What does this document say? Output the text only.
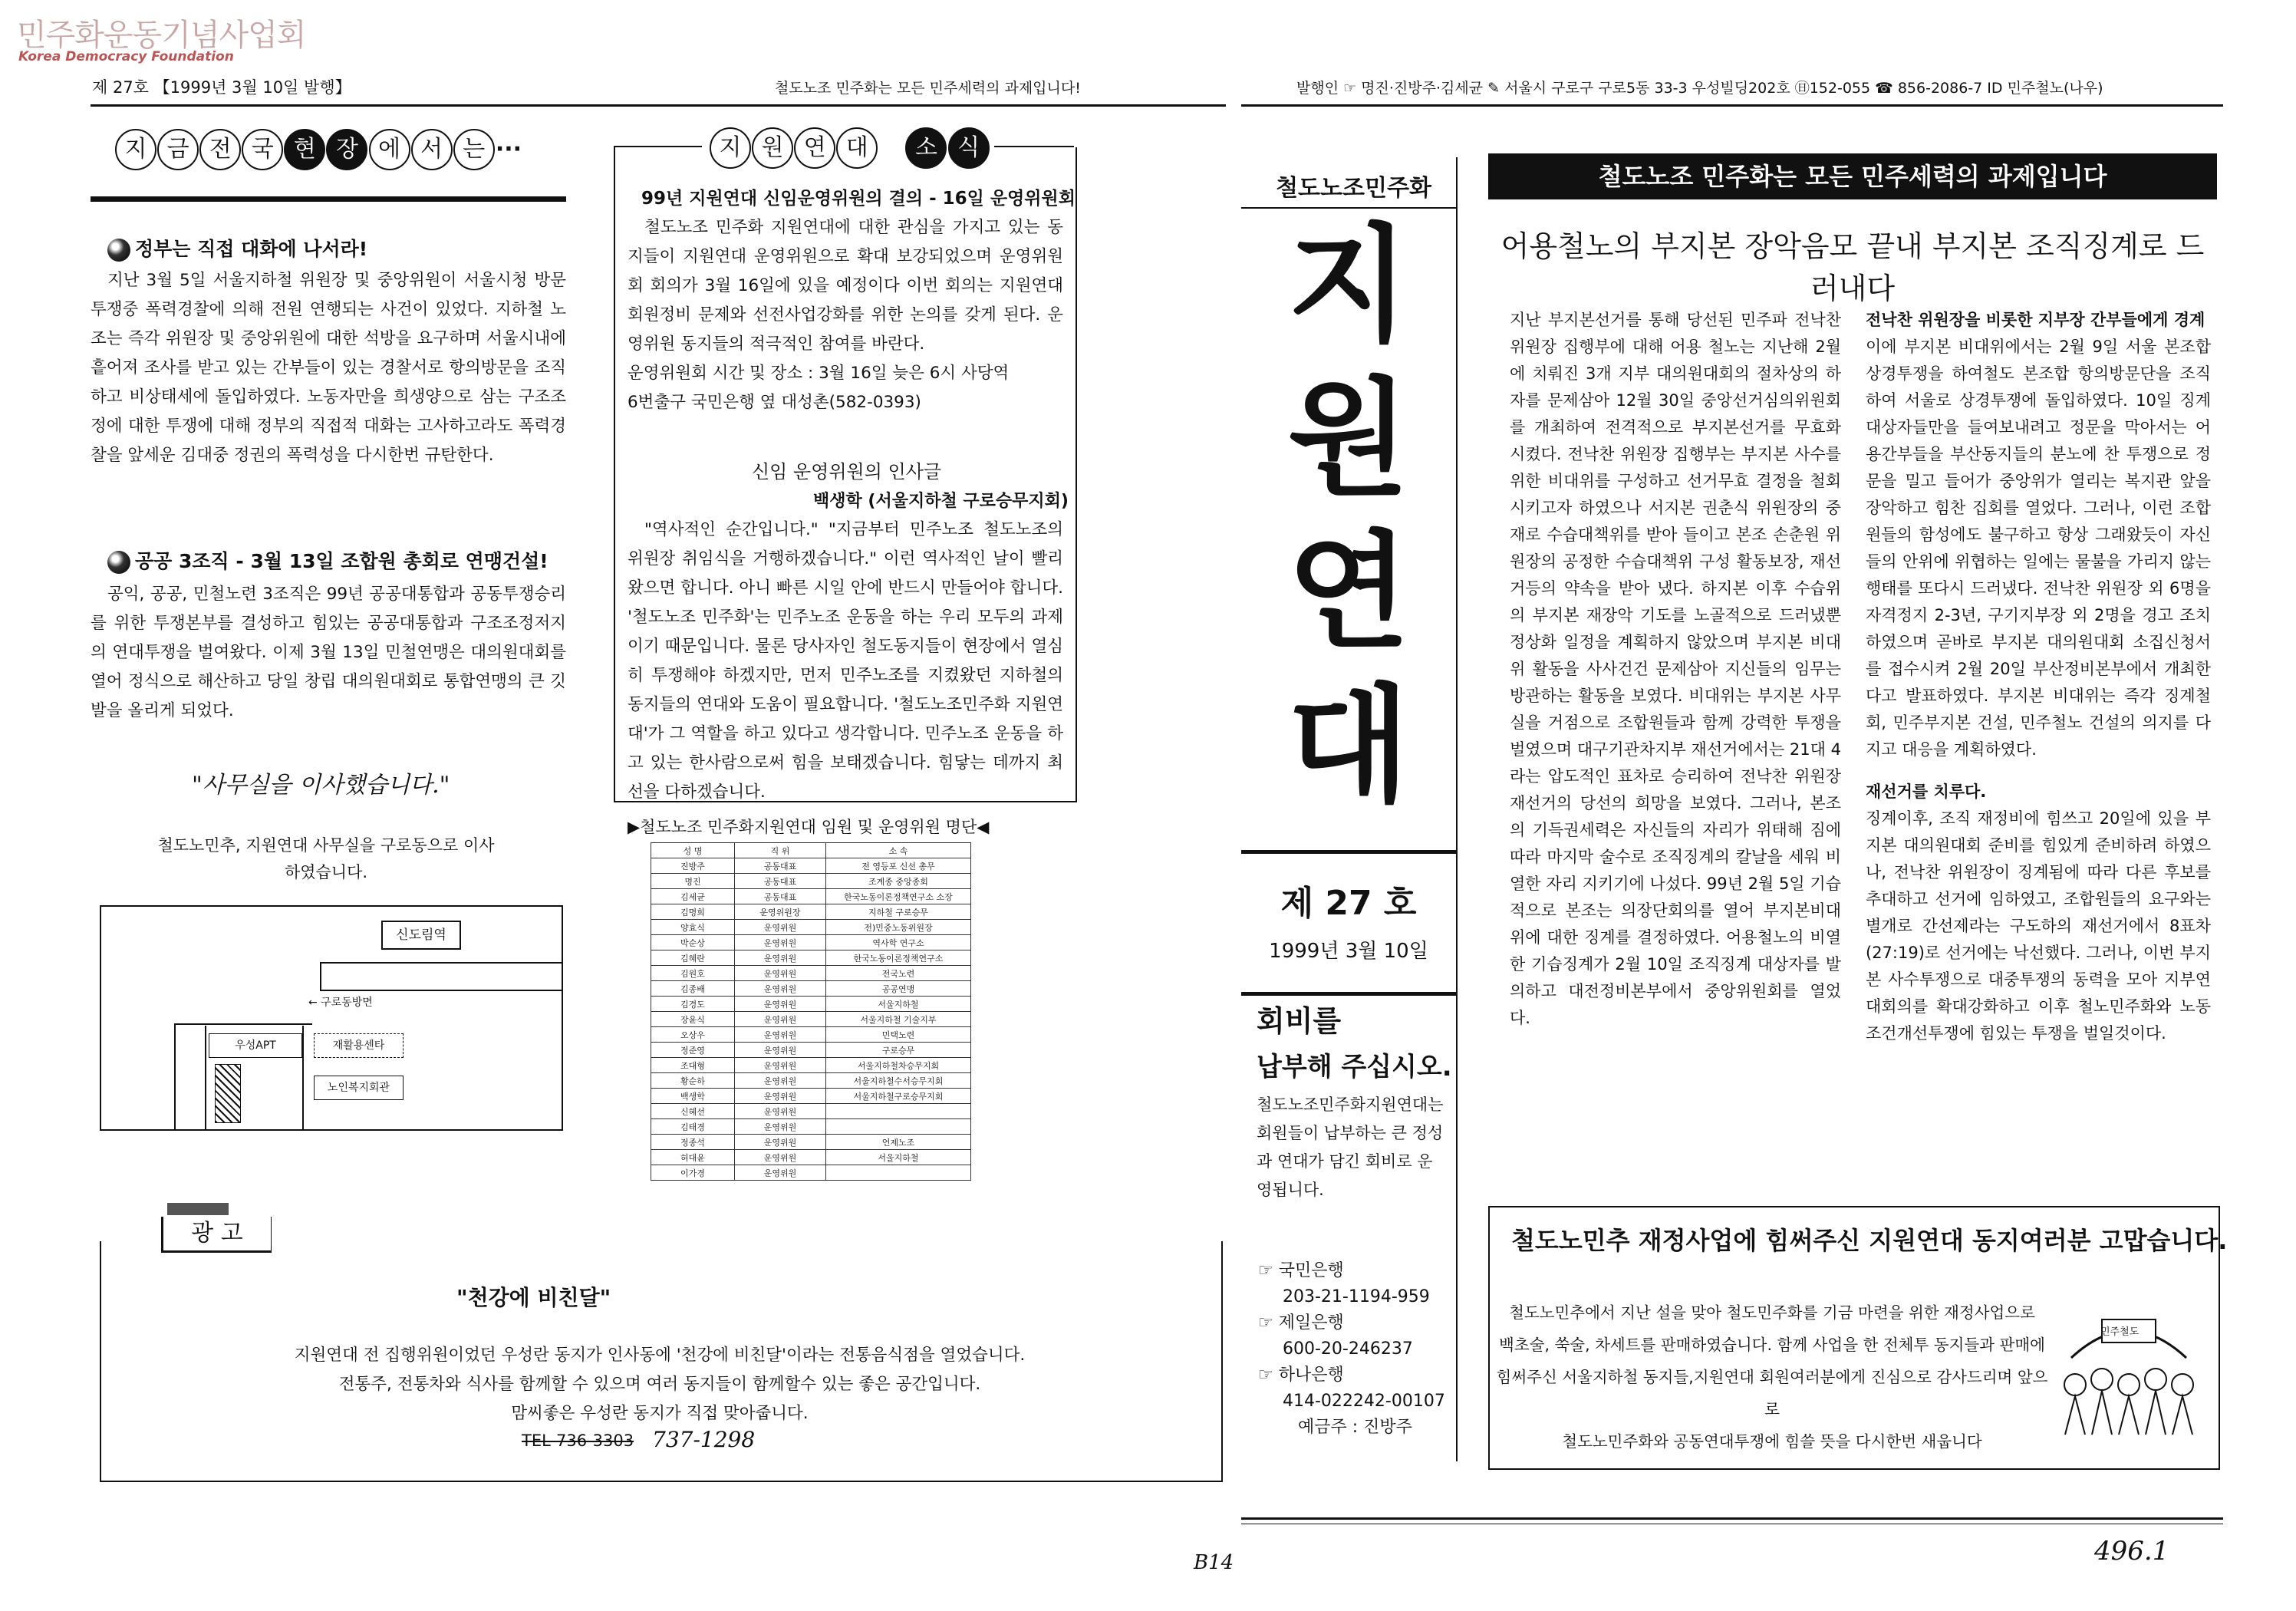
민주화운동기념사업회
Korea Democracy Foundation
제 27호 【1999년 3월 10일 발행】	철도노조 민주화는 모든 민주세력의 과제입니다!
지 금 전 국 현 장 에 서 는 ···
정부는 직접 대화에 나서라!

지난 3월 5일 서울지하철 위원장 및 중앙위원이 서울시청 방문투쟁중 폭력경찰에 의해 전원 연행되는 사건이 있었다. 지하철 노조는 즉각 위원장 및 중앙위원에 대한 석방을 요구하며 서울시내에 흩어져 조사를 받고 있는 간부들이 있는 경찰서로 항의방문을 조직하고 비상태세에 돌입하였다. 노동자만을 희생양으로 삼는 구조조정에 대한 투쟁에 대해 정부의 직접적 대화는 고사하고라도 폭력경찰을 앞세운 김대중 정권의 폭력성을 다시한번 규탄한다.

공공 3조직 - 3월 13일 조합원 총회로 연맹건설!

공익, 공공, 민철노련 3조직은 99년 공공대통합과 공동투쟁승리를 위한 투쟁본부를 결성하고 힘있는 공공대통합과 구조조정저지의 연대투쟁을 벌여왔다. 이제 3월 13일 민철연맹은 대의원대회를 열어 정식으로 해산하고 당일 창립 대의원대회로 통합연맹의 큰 깃발을 올리게 되었다.

"사무실을 이사했습니다."
철도노민추, 지원연대 사무실을 구로동으로 이사하였습니다.
신도림역
← 구로동방면
우성APT	재활용센타
노인복지회관
지 원 연 대 소 식
99년 지원연대 신임운영위원의 결의 - 16일 운영위원회

철도노조 민주화 지원연대에 대한 관심을 가지고 있는 동지들이 지원연대 운영위원으로 확대 보강되었으며 운영위원회 회의가 3월 16일에 있을 예정이다 이번 회의는 지원연대 회원정비 문제와 선전사업강화를 위한 논의를 갖게 된다. 운영위원 동지들의 적극적인 참여를 바란다.

운영위원회 시간 및 장소 : 3월 16일 늦은 6시 사당역

6번출구 국민은행 옆 대성촌(582-0393)

신임 운영위원의 인사글
백생학 (서울지하철 구로승무지회)

"역사적인 순간입니다." "지금부터 민주노조 철도노조의 위원장 취임식을 거행하겠습니다." 이런 역사적인 날이 빨리 왔으면 합니다. 아니 빠른 시일 안에 반드시 만들어야 합니다. '철도노조 민주화'는 민주노조 운동을 하는 우리 모두의 과제이기 때문입니다. 물론 당사자인 철도동지들이 현장에서 열심히 투쟁해야 하겠지만, 먼저 민주노조를 지켰왔던 지하철의 동지들의 연대와 도움이 필요합니다. '철도노조민주화 지원연대'가 그 역할을 하고 있다고 생각합니다. 민주노조 운동을 하고 있는 한사람으로써 힘을 보태겠습니다. 힘닿는 데까지 최선을 다하겠습니다.

▶철도노조 민주화지원연대 임원 및 운영위원 명단◀
성 명	직 위	소 속
진방주	공동대표	전 영등포 신선 총무
명진	공동대표	조계종 중앙종회
김세균	공동대표	한국노동이론정책연구소 소장
김명희	운영위원장	지하철 구로승무
양효식	운영위원	전)민중노동위원장
박순상	운영위원	역사학 연구소
김혜란	운영위원	한국노동이론정책연구소
김원호	운영위원	전국노련
김종배	운영위원	공공연맹
김경도	운영위원	서울지하철
장윤식	운영위원	서울지하철 기술지부
오상우	운영위원	민택노련
정준영	운영위원	구로승무
조대형	운영위원	서울지하철차승무지회
황순하	운영위원	서울지하철수서승무지회
백생학	운영위원	서울지하철구로승무지회
신혜선	운영위원	
김태경	운영위원	
정종석	운영위원	언제노조
허대윤	운영위원	서울지하철
이가경	운영위원	
광 고
"천강에 비친달"
지원연대 전 집행위원이었던 우성란 동지가 인사동에 '천강에 비친달'이라는 전통음식점을 열었습니다.
전통주, 전통차와 식사를 함께할 수 있으며 여러 동지들이 함께할수 있는 좋은 공간입니다.
맘씨좋은 우성란 동지가 직접 맞아줍니다.
TEL-736-3303 737-1298
B14
발행인 ☞ 명진·진방주·김세균 ✎ 서울시 구로구 구로5동 33-3 우성빌딩202호 ㊐152-055 ☎ 856-2086-7 ID 민주철노(나우)
철도노조민주화
지
원
연
대
제 27 호
1999년 3월 10일
회비를
납부해 주십시오.
철도노조민주화지원연대는 회원들이 납부하는 큰 정성과 연대가 담긴 회비로 운영됩니다.
☞ 국민은행
203-21-1194-959
☞ 제일은행
600-20-246237
☞ 하나은행
414-022242-00107
예금주 : 진방주
철도노조 민주화는 모든 민주세력의 과제입니다
어용철노의 부지본 장악음모 끝내 부지본 조직징계로 드러내다

지난 부지본선거를 통해 당선된 민주파 전낙찬 위원장 집행부에 대해 어용 철노는 지난해 2월에 치뤄진 3개 지부 대의원대회의 절차상의 하자를 문제삼아 12월 30일 중앙선거심의위원회를 개최하여 전격적으로 부지본선거를 무효화시켰다. 전낙찬 위원장 집행부는 부지본 사수를 위한 비대위를 구성하고 선거무효 결정을 철회시키고자 하였으나 서지본 권춘식 위원장의 중재로 수습대책위를 받아 들이고 본조 손춘원 위원장의 공정한 수습대책위 구성 활동보장, 재선거등의 약속을 받아 냈다. 하지본 이후 수습위의 부지본 재장악 기도를 노골적으로 드러냈뿐 정상화 일정을 계획하지 않았으며 부지본 비대위 활동을 사사건건 문제삼아 지신들의 임무는 방관하는 활동을 보였다. 비대위는 부지본 사무실을 거점으로 조합원들과 함께 강력한 투쟁을 벌였으며 대구기관차지부 재선거에서는 21대 4라는 압도적인 표차로 승리하여 전낙찬 위원장 재선거의 당선의 희망을 보였다. 그러나, 본조의 기득권세력은 자신들의 자리가 위태해 짐에 따라 마지막 술수로 조직징계의 칼날을 세워 비열한 자리 지키기에 나섰다. 99년 2월 5일 기습적으로 본조는 의장단회의를 열어 부지본비대위에 대한 징계를 결정하였다. 어용철노의 비열한 기습징계가 2월 10일 조직징계 대상자를 발의하고 대전정비본부에서 중앙위원회를 열었다.

전낙찬 위원장을 비롯한 지부장 간부들에게 경계

이에 부지본 비대위에서는 2월 9일 서울 본조합 상경투쟁을 하여철도 본조합 항의방문단을 조직하여 서울로 상경투쟁에 돌입하였다. 10일 징계대상자들만을 들여보내려고 정문을 막아서는 어용간부들을 부산동지들의 분노에 찬 투쟁으로 정문을 밀고 들어가 중앙위가 열리는 복지관 앞을 장악하고 힘찬 집회를 열었다. 그러나, 이런 조합원들의 함성에도 불구하고 항상 그래왔듯이 자신들의 안위에 위협하는 일에는 물불을 가리지 않는 행태를 또다시 드러냈다. 전낙찬 위원장 외 6명을 자격정지 2-3년, 구기지부장 외 2명을 경고 조치하였으며 곧바로 부지본 대의원대회 소집신청서를 접수시켜 2월 20일 부산정비본부에서 개최한다고 발표하였다. 부지본 비대위는 즉각 징계철회, 민주부지본 건설, 민주철노 건설의 의지를 다지고 대응을 계획하였다.

재선거를 치루다.

징계이후, 조직 재정비에 힘쓰고 20일에 있을 부지본 대의원대회 준비를 힘있게 준비하려 하였으나, 전낙찬 위원장이 징계됨에 따라 다른 후보를 추대하고 선거에 임하였고, 조합원들의 요구와는 별개로 간선제라는 구도하의 재선거에서 8표차(27:19)로 선거에는 낙선했다. 그러나, 이번 부지본 사수투쟁으로 대중투쟁의 동력을 모아 지부연대회의를 확대강화하고 이후 철노민주화와 노동조건개선투쟁에 힘있는 투쟁을 벌일것이다.

철도노민추 재정사업에 힘써주신 지원연대 동지여러분 고맙습니다.
철도노민추에서 지난 설을 맞아 철도민주화를 기금 마련을 위한 재정사업으로
백초술, 쑥술, 차세트를 판매하였습니다. 함께 사업을 한 전체투 동지들과 판매에
힘써주신 서울지하철 동지들,지원연대 회원여러분에게 진심으로 감사드리며 앞으로
철도노민주화와 공동연대투쟁에 힘쓸 뜻을 다시한번 새웁니다
민주철도
496.1
